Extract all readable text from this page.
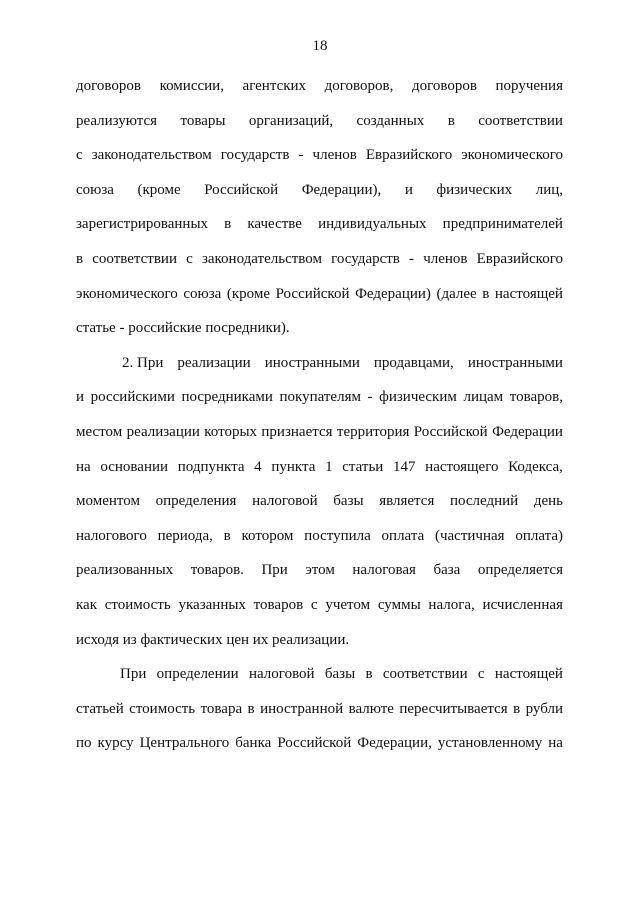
18
договоров комиссии, агентских договоров, договоров поручения
реализуются товары организаций, созданных в соответствии
с законодательством государств - членов Евразийского экономического
союза (кроме Российской Федерации), и физических лиц,
зарегистрированных в качестве индивидуальных предпринимателей
в соответствии с законодательством государств - членов Евразийского
экономического союза (кроме Российской Федерации) (далее в настоящей
статье - российские посредники).
2. При реализации иностранными продавцами, иностранными
и российскими посредниками покупателям - физическим лицам товаров,
местом реализации которых признается территория Российской Федерации
на основании подпункта 4 пункта 1 статьи 147 настоящего Кодекса,
моментом определения налоговой базы является последний день
налогового периода, в котором поступила оплата (частичная оплата)
реализованных товаров. При этом налоговая база определяется
как стоимость указанных товаров с учетом суммы налога, исчисленная
исходя из фактических цен их реализации.
При определении налоговой базы в соответствии с настоящей
статьей стоимость товара в иностранной валюте пересчитывается в рубли
по курсу Центрального банка Российской Федерации, установленному на
